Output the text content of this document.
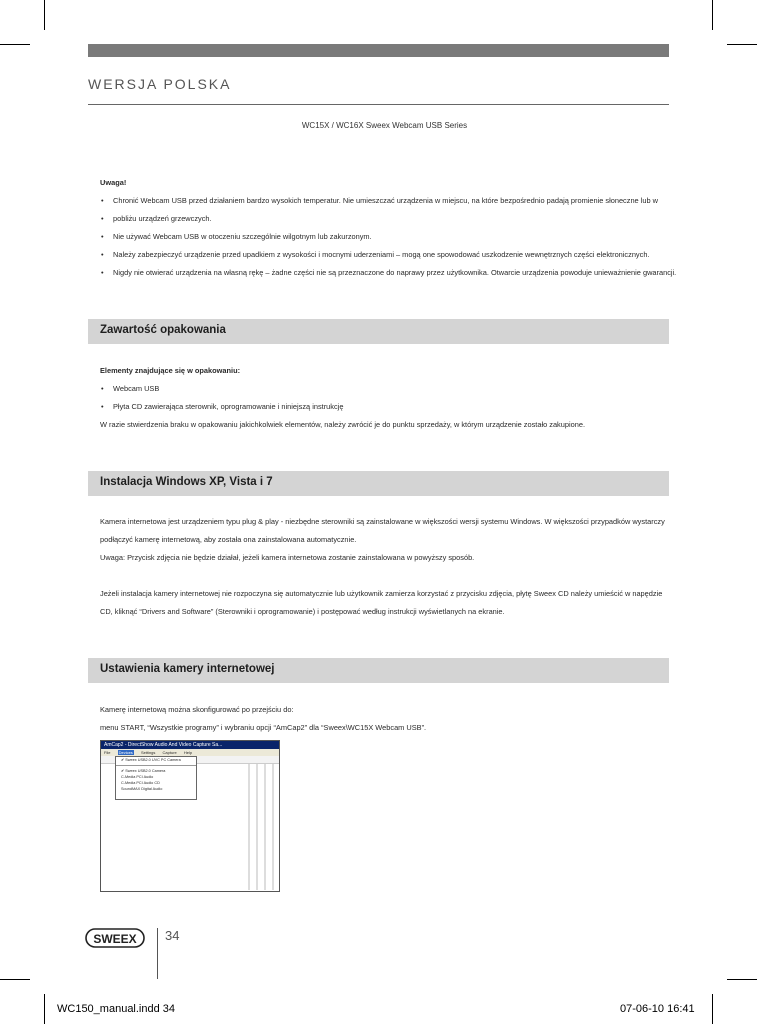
WERSJA POLSKA
WC15X / WC16X Sweex Webcam USB Series
Uwaga!
• Chronić Webcam USB przed działaniem bardzo wysokich temperatur. Nie umieszczać urządzenia w miejscu, na które bezpośrednio padają promienie słoneczne lub w
• pobliżu urządzeń grzewczych.
• Nie używać Webcam USB w otoczeniu szczególnie wilgotnym lub zakurzonym.
• Należy zabezpieczyć urządzenie przed upadkiem z wysokości i mocnymi uderzeniami – mogą one spowodować uszkodzenie wewnętrznych części elektronicznych.
• Nigdy nie otwierać urządzenia na własną rękę – żadne części nie są przeznaczone do naprawy przez użytkownika. Otwarcie urządzenia powoduje unieważnienie gwarancji.
Zawartość opakowania
Elementy znajdujące się w opakowaniu:
• Webcam USB
• Płyta CD zawierająca sterownik, oprogramowanie i niniejszą instrukcję
W razie stwierdzenia braku w opakowaniu jakichkolwiek elementów, należy zwrócić je do punktu sprzedaży, w którym urządzenie zostało zakupione.
Instalacja Windows XP, Vista i 7
Kamera internetowa jest urządzeniem typu plug & play - niezbędne sterowniki są zainstalowane w większości wersji systemu Windows. W większości przypadków wystarczy
podłączyć kamerę internetową, aby została ona zainstalowana automatycznie.
Uwaga: Przycisk zdjęcia nie będzie działał, jeżeli kamera internetowa zostanie zainstalowana w powyższy sposób.
Jeżeli instalacja kamery internetowej nie rozpoczyna się automatycznie lub użytkownik zamierza korzystać z przycisku zdjęcia, płytę Sweex CD należy umieścić w napędzie
CD, kliknąć “Drivers and Software” (Sterowniki i oprogramowanie) i postępować według instrukcji wyświetlanych na ekranie.
Ustawienia kamery internetowej
Kamerę internetową można skonfigurować po przejściu do:
menu START, “Wszystkie programy” i wybraniu opcji “AmCap2” dla “Sweex\WC15X Webcam USB”.
AmCap2 - DirectShow Audio And Video Capture Sa...
File Devices Settings Capture Help
✔ Sweex USB2.0 UVC PC Camera
✔ Sweex USB2.0 Camera
C-Media PCI Audio
C-Media PCI Audio CD
SoundMAX Digital Audio
SWEEX 34
WC150_manual.indd 34	07-06-10 16:41
